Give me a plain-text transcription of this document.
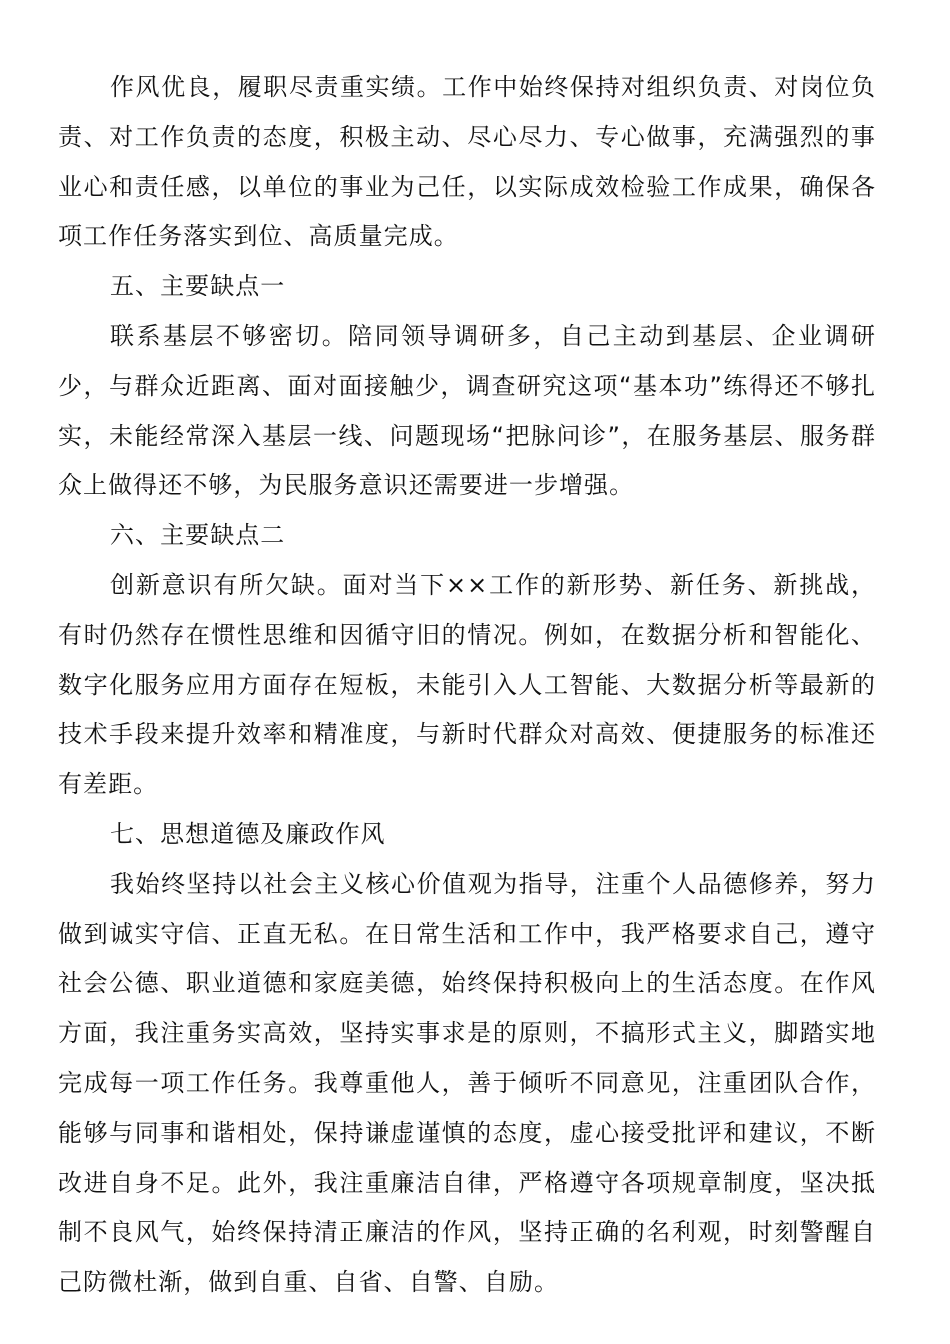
作风优良，履职尽责重实绩。工作中始终保持对组织负责、对岗位负责、对工作负责的态度，积极主动、尽心尽力、专心做事，充满强烈的事业心和责任感，以单位的事业为己任，以实际成效检验工作成果，确保各项工作任务落实到位、高质量完成。

五、主要缺点一

联系基层不够密切。陪同领导调研多，自己主动到基层、企业调研少，与群众近距离、面对面接触少，调查研究这项“基本功”练得还不够扎实，未能经常深入基层一线、问题现场“把脉问诊”，在服务基层、服务群众上做得还不够，为民服务意识还需要进一步增强。

六、主要缺点二

创新意识有所欠缺。面对当下××工作的新形势、新任务、新挑战，有时仍然存在惯性思维和因循守旧的情况。例如，在数据分析和智能化、数字化服务应用方面存在短板，未能引入人工智能、大数据分析等最新的技术手段来提升效率和精准度，与新时代群众对高效、便捷服务的标准还有差距。

七、思想道德及廉政作风

我始终坚持以社会主义核心价值观为指导，注重个人品德修养，努力做到诚实守信、正直无私。在日常生活和工作中，我严格要求自己，遵守社会公德、职业道德和家庭美德，始终保持积极向上的生活态度。在作风方面，我注重务实高效，坚持实事求是的原则，不搞形式主义，脚踏实地完成每一项工作任务。我尊重他人，善于倾听不同意见，注重团队合作，能够与同事和谐相处，保持谦虚谨慎的态度，虚心接受批评和建议，不断改进自身不足。此外，我注重廉洁自律，严格遵守各项规章制度，坚决抵制不良风气，始终保持清正廉洁的作风，坚持正确的名利观，时刻警醒自己防微杜渐，做到自重、自省、自警、自励。
